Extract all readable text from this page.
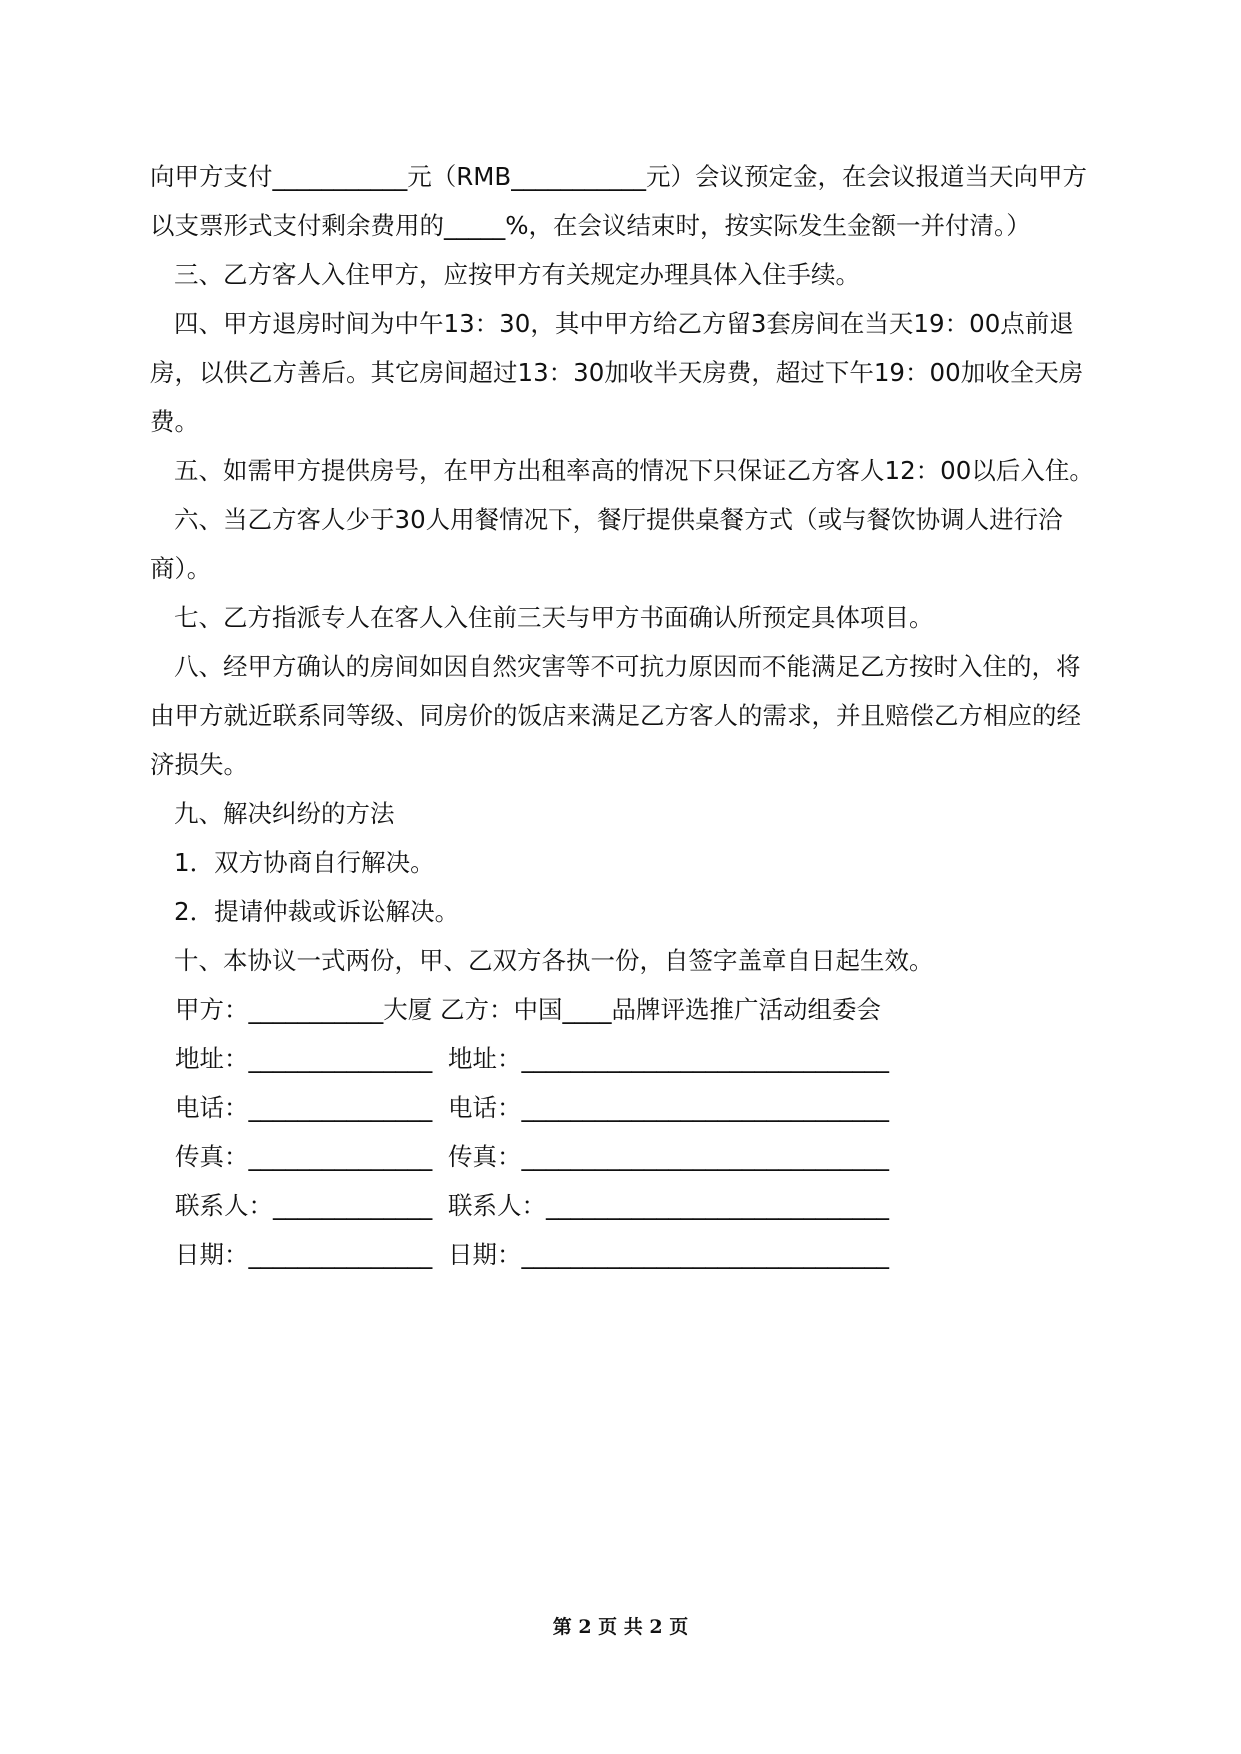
向甲方支付___________元（RMB___________元）会议预定金，在会议报道当天向甲方以支票形式支付剩余费用的_____%，在会议结束时，按实际发生金额一并付清。）

三、乙方客人入住甲方，应按甲方有关规定办理具体入住手续。

四、甲方退房时间为中午13：30，其中甲方给乙方留3套房间在当天19：00点前退房，以供乙方善后。其它房间超过13：30加收半天房费，超过下午19：00加收全天房费。

五、如需甲方提供房号，在甲方出租率高的情况下只保证乙方客人12：00以后入住。

六、当乙方客人少于30人用餐情况下，餐厅提供桌餐方式（或与餐饮协调人进行洽商）。

七、乙方指派专人在客人入住前三天与甲方书面确认所预定具体项目。

八、经甲方确认的房间如因自然灾害等不可抗力原因而不能满足乙方按时入住的，将由甲方就近联系同等级、同房价的饭店来满足乙方客人的需求，并且赔偿乙方相应的经济损失。

九、解决纠纷的方法

1．双方协商自行解决。

2．提请仲裁或诉讼解决。

十、本协议一式两份，甲、乙双方各执一份，自签字盖章自日起生效。

甲方：___________大厦 乙方：中国____品牌评选推广活动组委会
地址：_______________ 地址：______________________________
电话：_______________ 电话：______________________________
传真：_______________ 传真：______________________________
联系人：_____________ 联系人：____________________________
日期：_______________ 日期：______________________________
第 2 页 共 2 页
